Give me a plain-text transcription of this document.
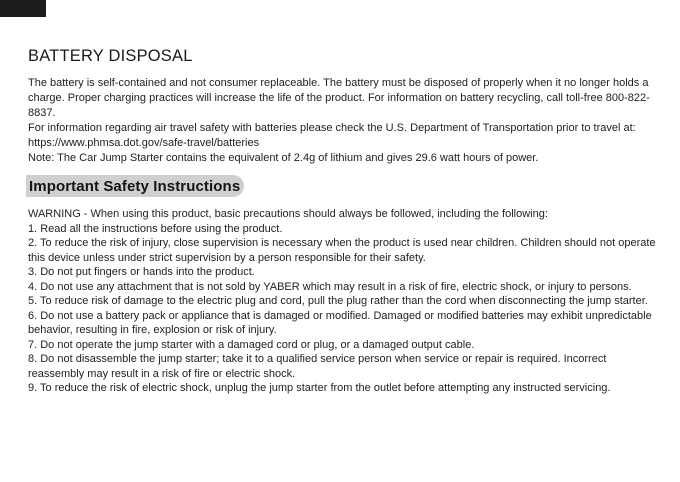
BATTERY DISPOSAL

The battery is self-contained and not consumer replaceable. The battery must be disposed of properly when it no longer holds a charge. Proper charging practices will increase the life of the product. For information on battery recycling, call toll-free 800-822-8837.

For information regarding air travel safety with batteries please check the U.S. Department of Transportation prior to travel at: https://www.phmsa.dot.gov/safe-travel/batteries

Note: The Car Jump Starter contains the equivalent of 2.4g of lithium and gives 29.6 watt hours of power.

Important Safety Instructions

WARNING - When using this product, basic precautions should always be followed, including the following:

1. Read all the instructions before using the product.
2. To reduce the risk of injury, close supervision is necessary when the product is used near children. Children should not operate this device unless under strict supervision by a person responsible for their safety.
3. Do not put fingers or hands into the product.
4. Do not use any attachment that is not sold by YABER which may result in a risk of fire, electric shock, or injury to persons.
5. To reduce risk of damage to the electric plug and cord, pull the plug rather than the cord when disconnecting the jump starter.
6. Do not use a battery pack or appliance that is damaged or modified. Damaged or modified batteries may exhibit unpredictable behavior, resulting in fire, explosion or risk of injury.
7. Do not operate the jump starter with a damaged cord or plug, or a damaged output cable.
8. Do not disassemble the jump starter; take it to a qualified service person when service or repair is required. Incorrect reassembly may result in a risk of fire or electric shock.
9. To reduce the risk of electric shock, unplug the jump starter from the outlet before attempting any instructed servicing.
